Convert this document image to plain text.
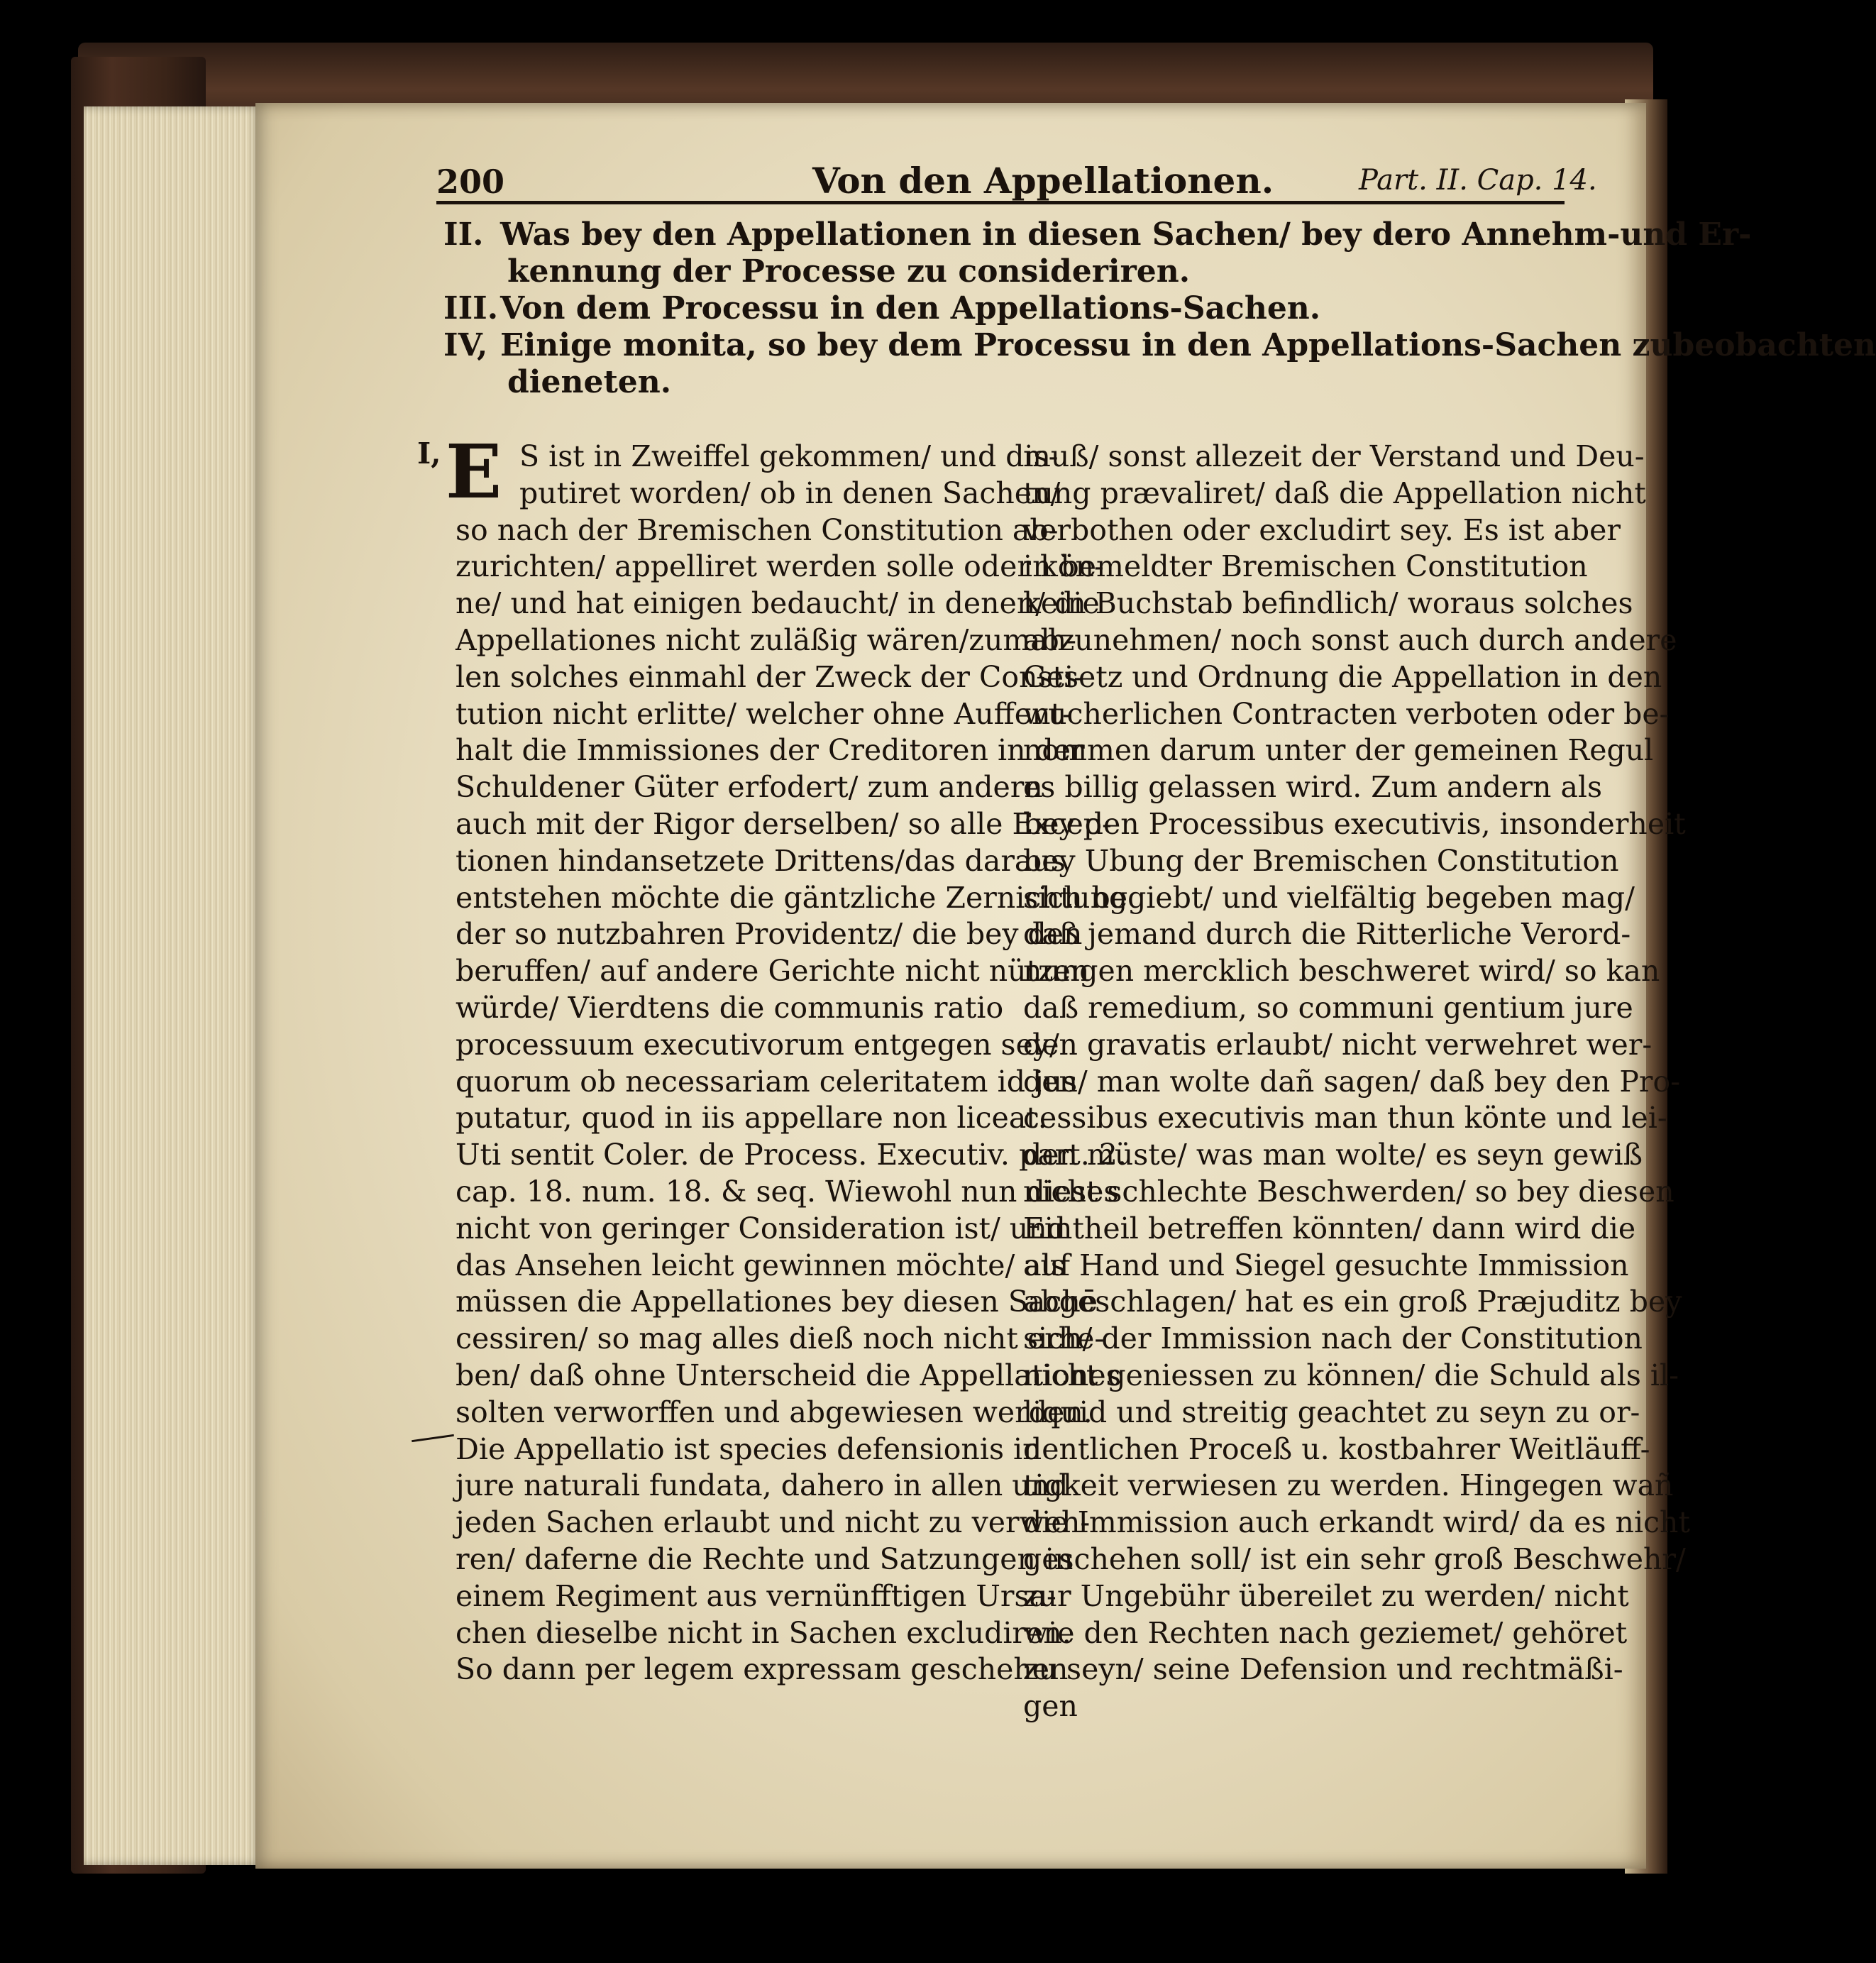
200	Von den Appellationen.	Part. II. Cap. 14.
II. Was bey den Appellationen in diesen Sachen/ bey dero Annehm-und Er-
kennung der Processe zu consideriren.
III.Von dem Processu in den Appellations-Sachen.
IV, Einige monita, so bey dem Processu in den Appellations-Sachen zubeobachten
dieneten.
I, E S ist in Zweiffel gekommen/ und dis-
putiret worden/ ob in denen Sachen/
so nach der Bremischen Constitution ab-
zurichten/ appelliret werden solle oder kön-
ne/ und hat einigen bedaucht/ in denen/ die
Appellationes nicht zuläßig wären/zumah-
len solches einmahl der Zweck der Consti-
tution nicht erlitte/ welcher ohne Auffent-
halt die Immissiones der Creditoren in der
Schuldener Güter erfodert/ zum andern
auch mit der Rigor derselben/ so alle Excep-
tionen hindansetzete Drittens/das daraus
entstehen möchte die gäntzliche Zernichtung
der so nutzbahren Providentz/ die bey den
beruffen/ auf andere Gerichte nicht nützen
würde/ Vierdtens die communis ratio
processuum executivorum entgegen sey/
quorum ob necessariam celeritatem id jus
putatur, quod in iis appellare non liceat.
Uti sentit Coler. de Process. Executiv. part. 2.
cap. 18. num. 18. & seq. Wiewohl nun dieses
nicht von geringer Consideration ist/ und
das Ansehen leicht gewinnen möchte/ als
müssen die Appellationes bey diesen Sachē
cessiren/ so mag alles dieß noch nicht erhe-
ben/ daß ohne Unterscheid die Appellationes
solten verworffen und abgewiesen werden.
Die Appellatio ist species defensionis in
jure naturali fundata, dahero in allen und
jeden Sachen erlaubt und nicht zu verweh-
ren/ daferne die Rechte und Satzungen in
einem Regiment aus vernünfftigen Ursa-
chen dieselbe nicht in Sachen excludiren.
So dann per legem expressam geschehen
muß/ sonst allezeit der Verstand und Deu-
tung prævaliret/ daß die Appellation nicht
verbothen oder excludirt sey. Es ist aber
in bemeldter Bremischen Constitution
kein Buchstab befindlich/ woraus solches
abzunehmen/ noch sonst auch durch andere
Gesetz und Ordnung die Appellation in den
wucherlichen Contracten verboten oder be-
nommen darum unter der gemeinen Regul
es billig gelassen wird. Zum andern als
bey den Processibus executivis, insonderheit
bey Ubung der Bremischen Constitution
sich begiebt/ und vielfältig begeben mag/
daß jemand durch die Ritterliche Verord-
nungen mercklich beschweret wird/ so kan
daß remedium, so communi gentium jure
den gravatis erlaubt/ nicht verwehret wer-
den/ man wolte dañ sagen/ daß bey den Pro-
cessibus executivis man thun könte und lei-
den müste/ was man wolte/ es seyn gewiß
nicht schlechte Beschwerden/ so bey diesen
Eintheil betreffen könnten/ dann wird die
auf Hand und Siegel gesuchte Immission
abgeschlagen/ hat es ein groß Præjuditz bey
sich/ der Immission nach der Constitution
nicht geniessen zu können/ die Schuld als il-
liquid und streitig geachtet zu seyn zu or-
dentlichen Proceß u. kostbahrer Weitläuff-
tigkeit verwiesen zu werden. Hingegen wañ
die Immission auch erkandt wird/ da es nicht
geschehen soll/ ist ein sehr groß Beschwehr/
zur Ungebühr übereilet zu werden/ nicht
wie den Rechten nach geziemet/ gehöret
zu seyn/ seine Defension und rechtmäßi-
gen
